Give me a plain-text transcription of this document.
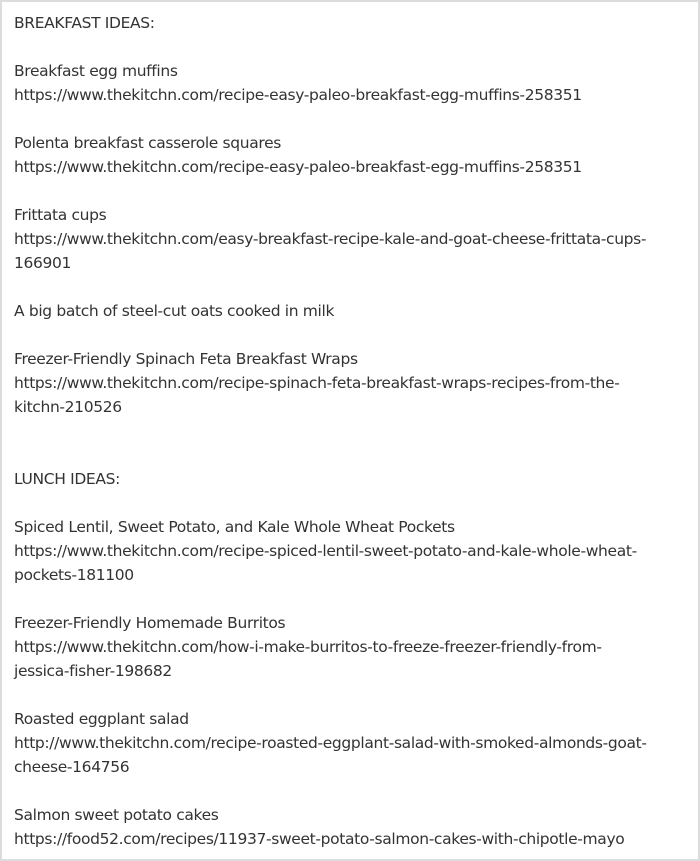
BREAKFAST IDEAS:
Breakfast egg muffins
https://www.thekitchn.com/recipe-easy-paleo-breakfast-egg-muffins-258351
Polenta breakfast casserole squares
https://www.thekitchn.com/recipe-easy-paleo-breakfast-egg-muffins-258351
Frittata cups
https://www.thekitchn.com/easy-breakfast-recipe-kale-and-goat-cheese-frittata-cups-
166901
A big batch of steel-cut oats cooked in milk
Freezer-Friendly Spinach Feta Breakfast Wraps
https://www.thekitchn.com/recipe-spinach-feta-breakfast-wraps-recipes-from-the-
kitchn-210526
LUNCH IDEAS:
Spiced Lentil, Sweet Potato, and Kale Whole Wheat Pockets
https://www.thekitchn.com/recipe-spiced-lentil-sweet-potato-and-kale-whole-wheat-
pockets-181100
Freezer-Friendly Homemade Burritos
https://www.thekitchn.com/how-i-make-burritos-to-freeze-freezer-friendly-from-
jessica-fisher-198682
Roasted eggplant salad
http://www.thekitchn.com/recipe-roasted-eggplant-salad-with-smoked-almonds-goat-
cheese-164756
Salmon sweet potato cakes
https://food52.com/recipes/11937-sweet-potato-salmon-cakes-with-chipotle-mayo
